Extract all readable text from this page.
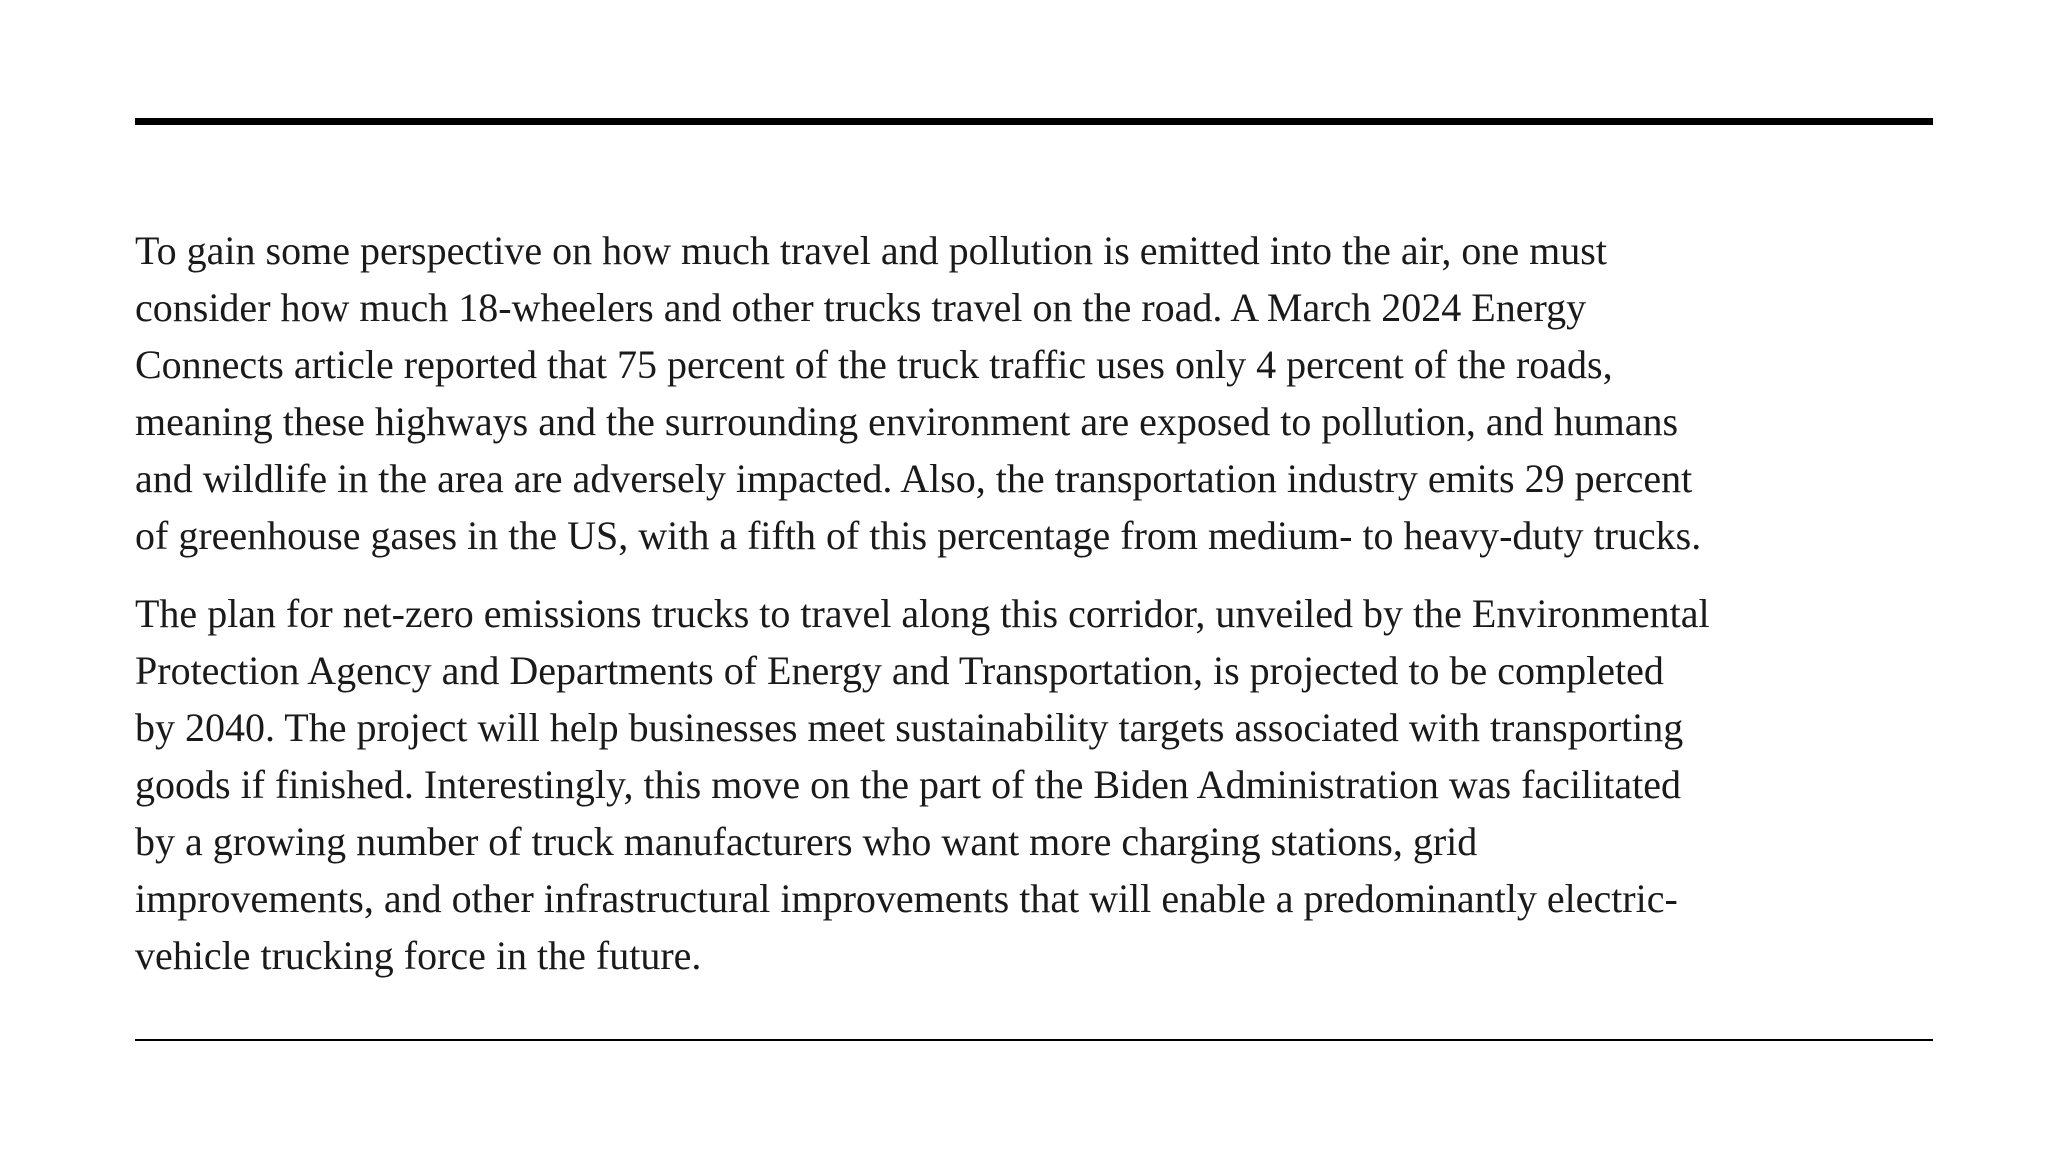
To gain some perspective on how much travel and pollution is emitted into the air, one must
consider how much 18-wheelers and other trucks travel on the road. A March 2024 Energy
Connects article reported that 75 percent of the truck traffic uses only 4 percent of the roads,
meaning these highways and the surrounding environment are exposed to pollution, and humans
and wildlife in the area are adversely impacted. Also, the transportation industry emits 29 percent
of greenhouse gases in the US, with a fifth of this percentage from medium- to heavy-duty trucks.

The plan for net-zero emissions trucks to travel along this corridor, unveiled by the Environmental
Protection Agency and Departments of Energy and Transportation, is projected to be completed
by 2040. The project will help businesses meet sustainability targets associated with transporting
goods if finished. Interestingly, this move on the part of the Biden Administration was facilitated
by a growing number of truck manufacturers who want more charging stations, grid
improvements, and other infrastructural improvements that will enable a predominantly electric-
vehicle trucking force in the future.
